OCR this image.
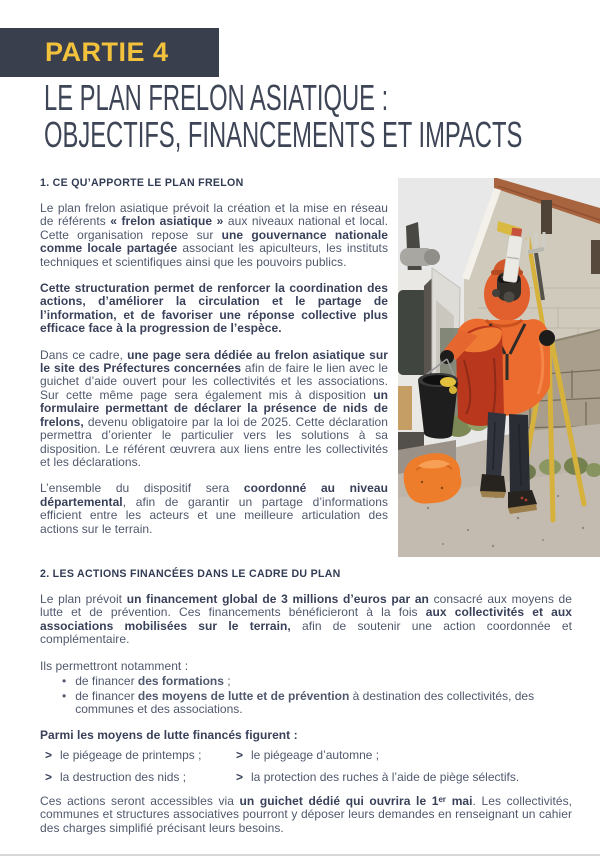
PARTIE 4
LE PLAN FRELON ASIATIQUE :
OBJECTIFS, FINANCEMENTS ET IMPACTS
1. CE QU’APPORTE LE PLAN FRELON

Le plan frelon asiatique prévoit la création et la mise en réseau de référents « frelon asiatique » aux niveaux national et local. Cette organisation repose sur une gouvernance nationale comme locale partagée associant les apiculteurs, les instituts techniques et scientifiques ainsi que les pouvoirs publics.

Cette structuration permet de renforcer la coordination des actions, d’améliorer la circulation et le partage de l’information, et de favoriser une réponse collective plus efficace face à la progression de l’espèce.

Dans ce cadre, une page sera dédiée au frelon asiatique sur le site des Préfectures concernées afin de faire le lien avec le guichet d’aide ouvert pour les collectivités et les associations. Sur cette même page sera également mis à disposition un formulaire permettant de déclarer la présence de nids de frelons, devenu obligatoire par la loi de 2025. Cette déclaration permettra d’orienter le particulier vers les solutions à sa disposition. Le référent œuvrera aux liens entre les collectivités et les déclarations.

L’ensemble du dispositif sera coordonné au niveau départemental, afin de garantir un partage d’informations efficient entre les acteurs et une meilleure articulation des actions sur le terrain.

2. LES ACTIONS FINANCÉES DANS LE CADRE DU PLAN

Le plan prévoit un financement global de 3 millions d’euros par an consacré aux moyens de lutte et de prévention. Ces financements bénéficieront à la fois aux collectivités et aux associations mobilisées sur le terrain, afin de soutenir une action coordonnée et complémentaire.

Ils permettront notamment :

• de financer des formations ;
• de financer des moyens de lutte et de prévention à destination des collectivités, des communes et des associations.

Parmi les moyens de lutte financés figurent :

> le piégeage de printemps ;	> le piégeage d’automne ;
> la destruction des nids ;	> la protection des ruches à l’aide de piège sélectifs.

Ces actions seront accessibles via un guichet dédié qui ouvrira le 1ᵉʳ mai. Les collectivités, communes et structures associatives pourront y déposer leurs demandes en renseignant un cahier des charges simplifié précisant leurs besoins.
